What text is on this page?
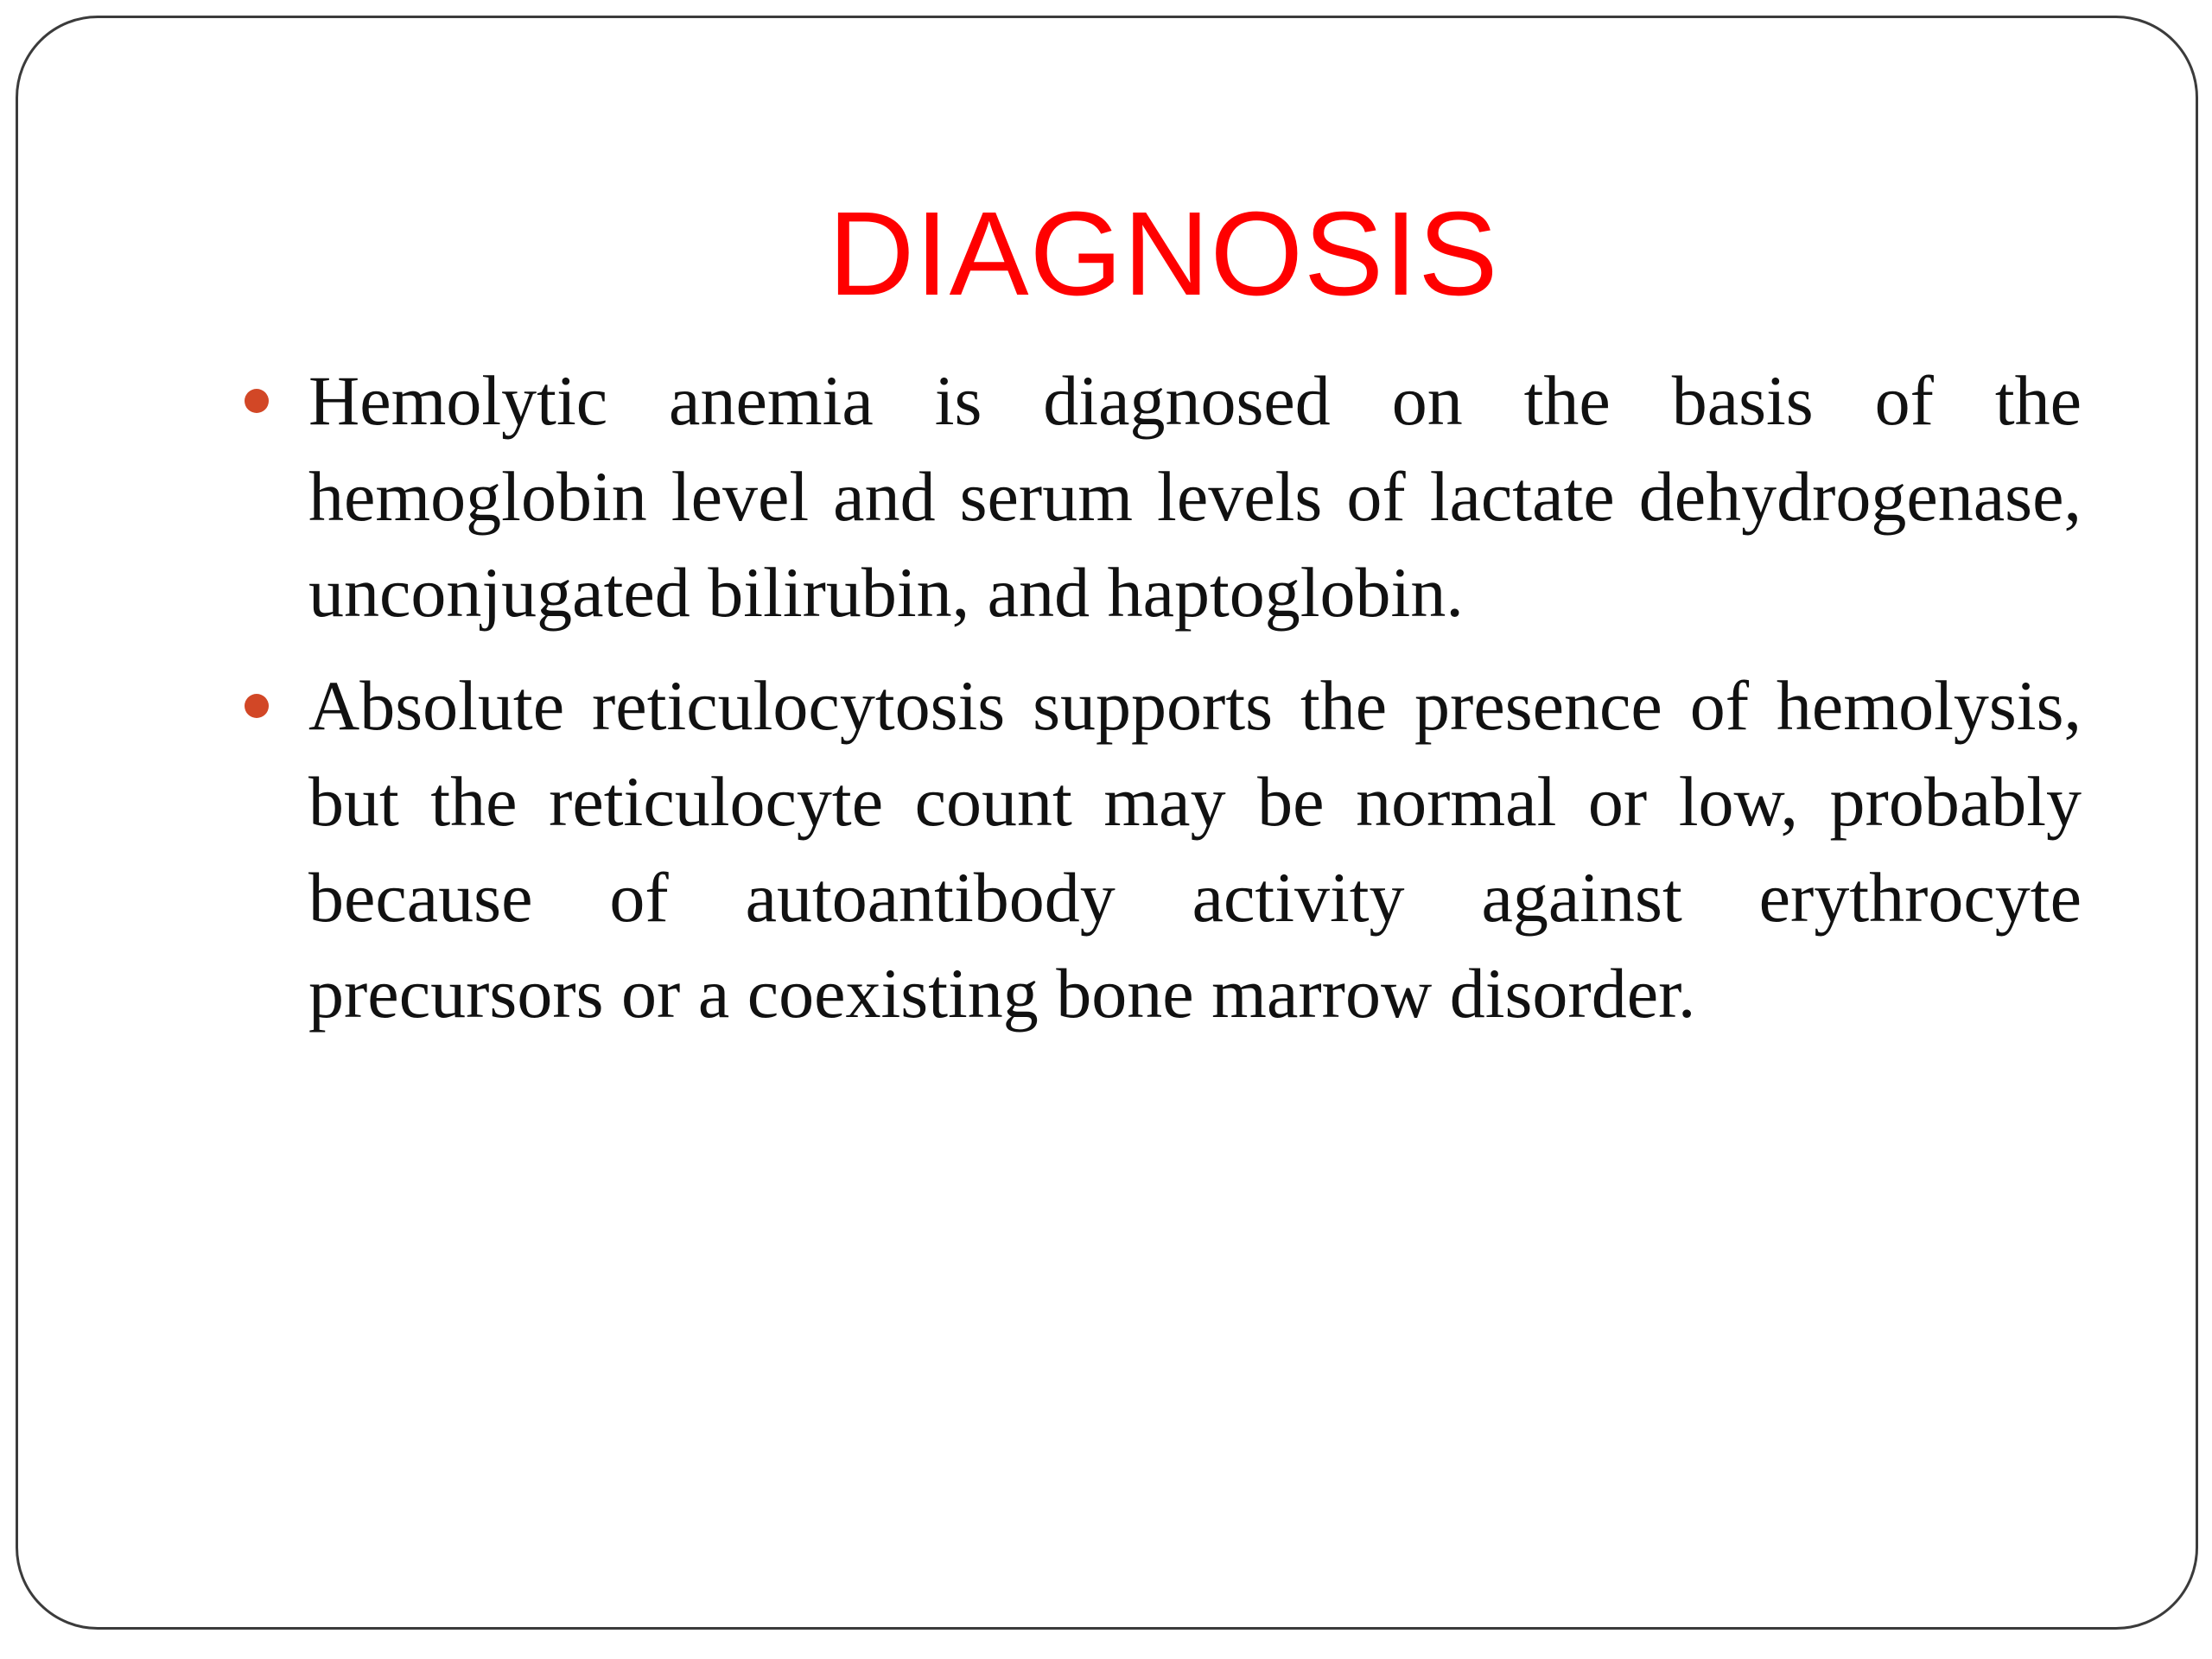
DIAGNOSIS
Hemolytic anemia is diagnosed on the basis of the hemoglobin level and serum levels of lactate dehydrogenase, unconjugated bilirubin, and haptoglobin.
Absolute reticulocytosis supports the presence of hemolysis, but the reticulocyte count may be normal or low, probably because of autoantibody activity against erythrocyte precursors or a coexisting bone marrow disorder.
